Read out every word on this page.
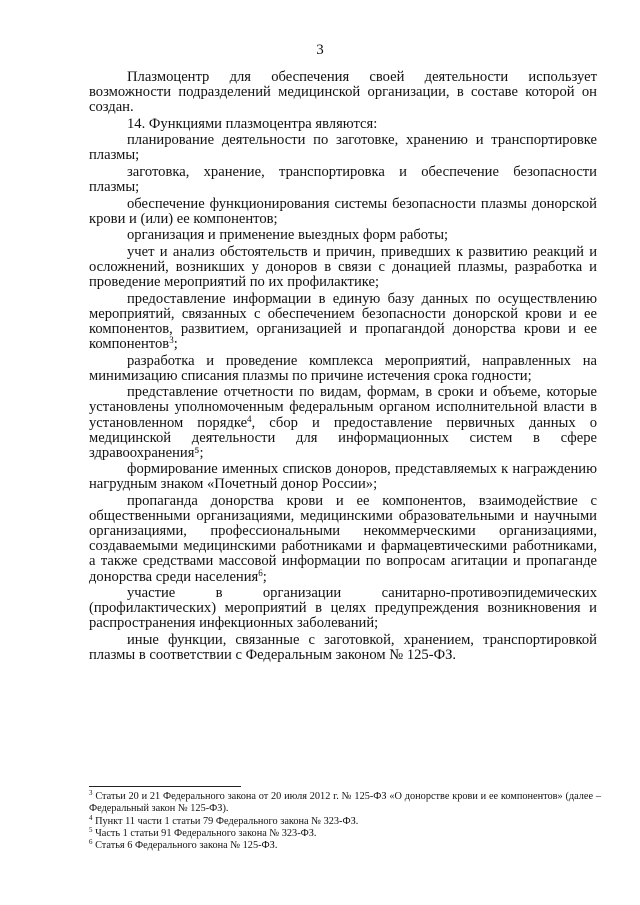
3

Плазмоцентр для обеспечения своей деятельности использует возможности подразделений медицинской организации, в составе которой он создан.

14. Функциями плазмоцентра являются:

планирование деятельности по заготовке, хранению и транспортировке плазмы;

заготовка, хранение, транспортировка и обеспечение безопасности плазмы;

обеспечение функционирования системы безопасности плазмы донорской крови и (или) ее компонентов;

организация и применение выездных форм работы;

учет и анализ обстоятельств и причин, приведших к развитию реакций и осложнений, возникших у доноров в связи с донацией плазмы, разработка и проведение мероприятий по их профилактике;

предоставление информации в единую базу данных по осуществлению мероприятий, связанных с обеспечением безопасности донорской крови и ее компонентов, развитием, организацией и пропагандой донорства крови и ее компонентов$^3$;

разработка и проведение комплекса мероприятий, направленных на минимизацию списания плазмы по причине истечения срока годности;

представление отчетности по видам, формам, в сроки и объеме, которые установлены уполномоченным федеральным органом исполнительной власти в установленном порядке$^4$, сбор и предоставление первичных данных о медицинской деятельности для информационных систем в сфере здравоохранения⁵;

формирование именных списков доноров, представляемых к награждению нагрудным знаком «Почетный донор России»;

пропаганда донорства крови и ее компонентов, взаимодействие с общественными организациями, медицинскими образовательными и научными организациями, профессиональными некоммерческими организациями, создаваемыми медицинскими работниками и фармацевтическими работниками, а также средствами массовой информации по вопросам агитации и пропаганде донорства среди населения$^6$;

участие в организации санитарно-противоэпидемических (профилактических) мероприятий в целях предупреждения возникновения и распространения инфекционных заболеваний;

иные функции, связанные с заготовкой, хранением, транспортировкой плазмы в соответствии с Федеральным законом № 125-ФЗ.

$^3$ Статьи 20 и 21 Федерального закона от 20 июля 2012 г. № 125-ФЗ «О донорстве крови и ее компонентов» (далее – Федеральный закон № 125-ФЗ).

$^4$ Пункт 11 части 1 статьи 79 Федерального закона № 323-ФЗ.

$^5$ Часть 1 статьи 91 Федерального закона № 323-ФЗ.

$^6$ Статья 6 Федерального закона № 125-ФЗ.
